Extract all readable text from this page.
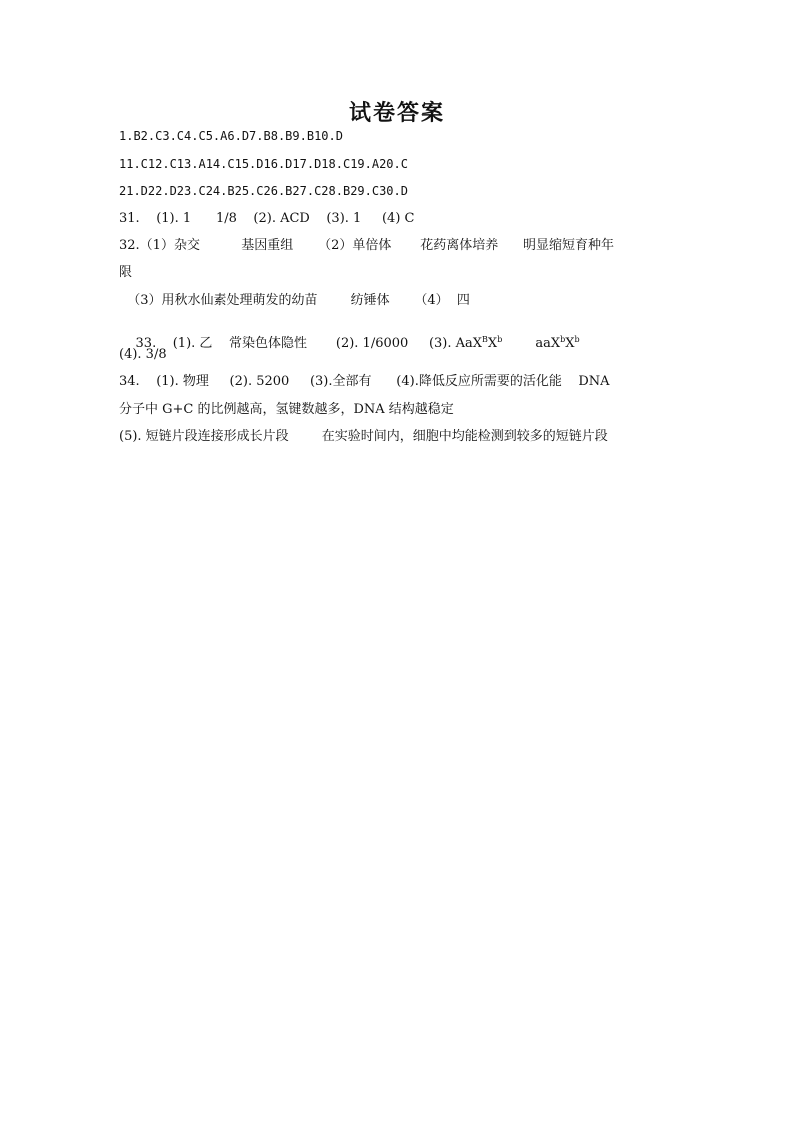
试卷答案
1.B2.C3.C4.C5.A6.D7.B8.B9.B10.D
11.C12.C13.A14.C15.D16.D17.D18.C19.A20.C
21.D22.D23.C24.B25.C26.B27.C28.B29.C30.D
31.    (1). 1      1/8    (2). ACD    (3). 1     (4) C
32.（1）杂交          基因重组      （2）单倍体       花药离体培养      明显缩短育种年
限
（3）用秋水仙素处理萌发的幼苗        纺锤体      （4）  四

33.    (1). 乙    常染色体隐性       (2). 1/6000     (3). $AaX^BX^b$	$aaX^bX^b$

(4). 3/8
34.    (1). 物理     (2). 5200     (3).全部有      (4).降低反应所需要的活化能    DNA
分子中 G+C 的比例越高，氢键数越多，DNA 结构越稳定
(5). 短链片段连接形成长片段        在实验时间内，细胞中均能检测到较多的短链片段
